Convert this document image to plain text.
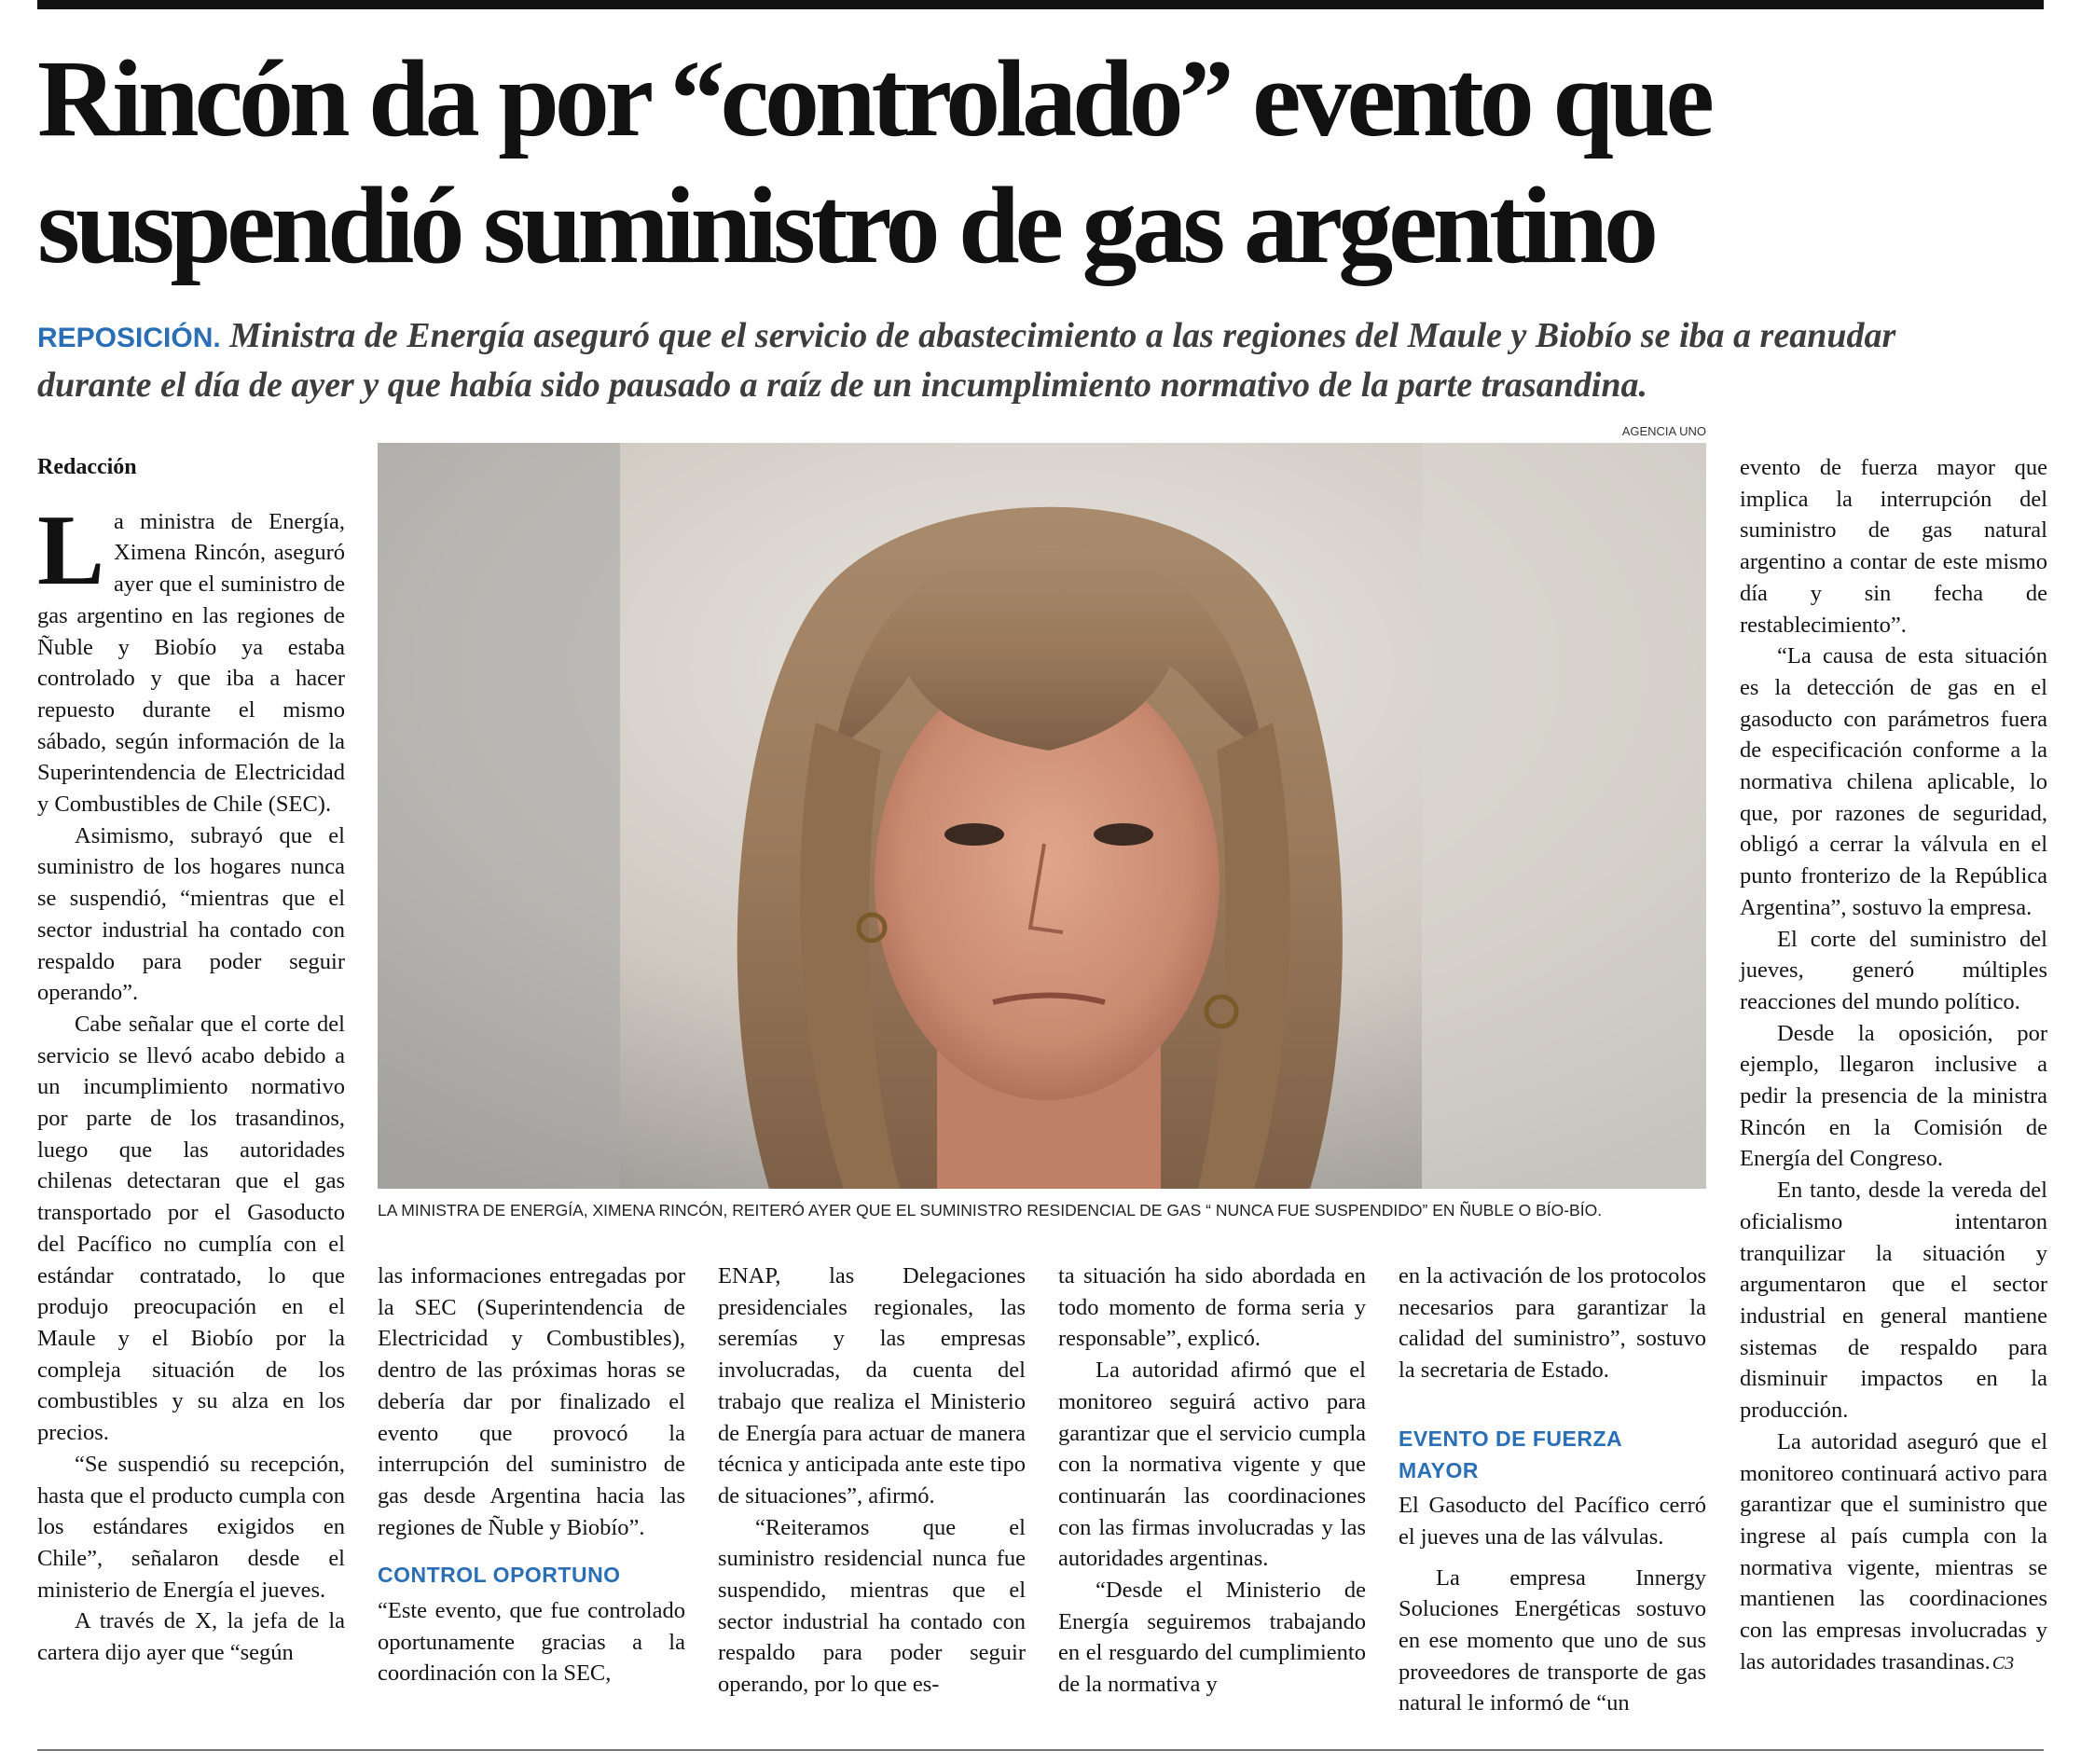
Rincón da por “controlado” evento que
suspendió suministro de gas argentino
REPOSICIÓN. Ministra de Energía aseguró que el servicio de abastecimiento a las regiones del Maule y Biobío se iba a reanudar
durante el día de ayer y que había sido pausado a raíz de un incumplimiento normativo de la parte trasandina.

Redacción

La ministra de Energía, Ximena Rincón, aseguró ayer que el suministro de gas argentino en las regiones de Ñuble y Biobío ya estaba controlado y que iba a hacer repuesto durante el mismo sábado, según información de la Superintendencia de Electricidad y Combustibles de Chile (SEC).

Asimismo, subrayó que el suministro de los hogares nunca se suspendió, “mientras que el sector industrial ha contado con respaldo para poder seguir operando”.

Cabe señalar que el corte del servicio se llevó acabo debido a un incumplimiento normativo por parte de los trasandinos, luego que las autoridades chilenas detectaran que el gas transportado por el Gasoducto del Pacífico no cumplía con el estándar contratado, lo que produjo preocupación en el Maule y el Biobío por la compleja situación de los combustibles y su alza en los precios.

“Se suspendió su recepción, hasta que el producto cumpla con los estándares exigidos en Chile”, señalaron desde el ministerio de Energía el jueves.

A través de X, la jefa de la cartera dijo ayer que “según

AGENCIA UNO
LA MINISTRA DE ENERGÍA, XIMENA RINCÓN, REITERÓ AYER QUE EL SUMINISTRO RESIDENCIAL DE GAS “ NUNCA FUE SUSPENDIDO” EN ÑUBLE O BÍO-BÍO.

las informaciones entregadas por la SEC (Superintendencia de Electricidad y Combustibles), dentro de las próximas horas se debería dar por finalizado el evento que provocó la interrupción del suministro de gas desde Argentina hacia las regiones de Ñuble y Biobío”.

CONTROL OPORTUNO

“Este evento, que fue controlado oportunamente gracias a la coordinación con la SEC,

ENAP, las Delegaciones presidenciales regionales, las seremías y las empresas involucradas, da cuenta del trabajo que realiza el Ministerio de Energía para actuar de manera técnica y anticipada ante este tipo de situaciones”, afirmó.

“Reiteramos que el suministro residencial nunca fue suspendido, mientras que el sector industrial ha contado con respaldo para poder seguir operando, por lo que es-

ta situación ha sido abordada en todo momento de forma seria y responsable”, explicó.

La autoridad afirmó que el monitoreo seguirá activo para garantizar que el servicio cumpla con la normativa vigente y que continuarán las coordinaciones con las firmas involucradas y las autoridades argentinas.

“Desde el Ministerio de Energía seguiremos trabajando en el resguardo del cumplimiento de la normativa y

en la activación de los protocolos necesarios para garantizar la calidad del suministro”, sostuvo la secretaria de Estado.

EVENTO DE FUERZA MAYOR

El Gasoducto del Pacífico cerró el jueves una de las válvulas.

La empresa Innergy Soluciones Energéticas sostuvo en ese momento que uno de sus proveedores de transporte de gas natural le informó de “un

evento de fuerza mayor que implica la interrupción del suministro de gas natural argentino a contar de este mismo día y sin fecha de restablecimiento”.

“La causa de esta situación es la detección de gas en el gasoducto con parámetros fuera de especificación conforme a la normativa chilena aplicable, lo que, por razones de seguridad, obligó a cerrar la válvula en el punto fronterizo de la República Argentina”, sostuvo la empresa.

El corte del suministro del jueves, generó múltiples reacciones del mundo político.

Desde la oposición, por ejemplo, llegaron inclusive a pedir la presencia de la ministra Rincón en la Comisión de Energía del Congreso.

En tanto, desde la vereda del oficialismo intentaron tranquilizar la situación y argumentaron que el sector industrial en general mantiene sistemas de respaldo para disminuir impactos en la producción.

La autoridad aseguró que el monitoreo continuará activo para garantizar que el suministro que ingrese al país cumpla con la normativa vigente, mientras se mantienen las coordinaciones con las empresas involucradas y las autoridades trasandinas. C3
